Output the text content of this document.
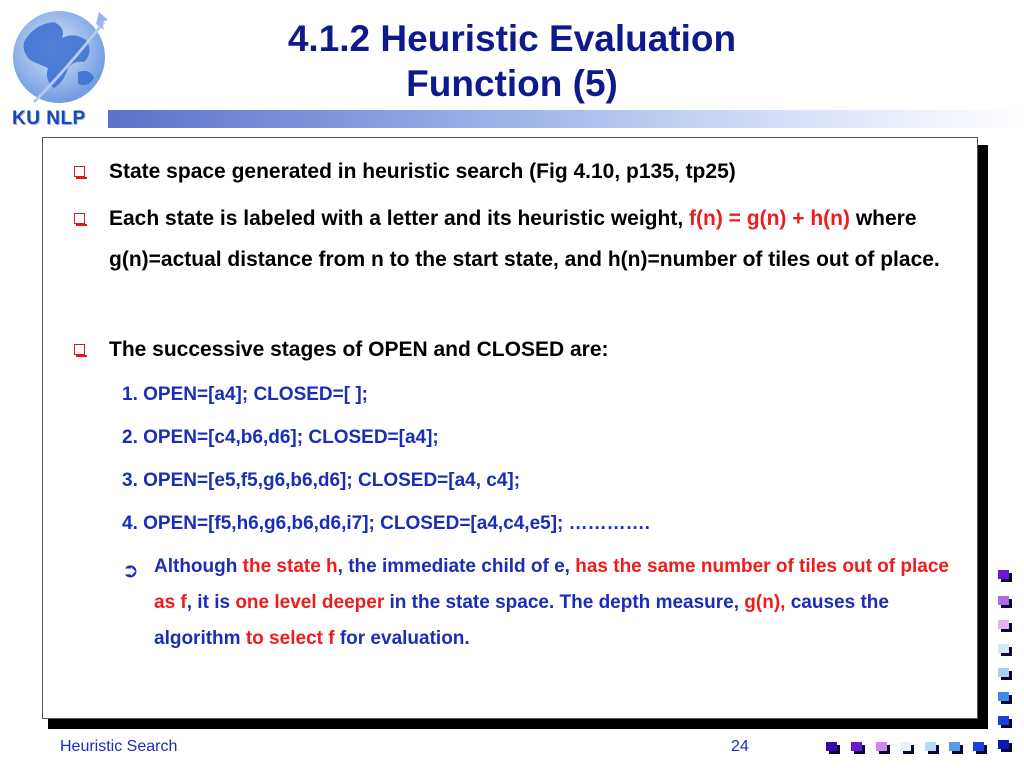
KU NLP
4.1.2 Heuristic Evaluation
Function (5)
State space generated in heuristic search (Fig 4.10, p135, tp25)
Each state is labeled with a letter and its heuristic weight, f(n) = g(n) + h(n) where g(n)=actual distance from n to the start state, and h(n)=number of tiles out of place.
The successive stages of OPEN and CLOSED are:
1. OPEN=[a4]; CLOSED=[ ];
2. OPEN=[c4,b6,d6]; CLOSED=[a4];
3. OPEN=[e5,f5,g6,b6,d6]; CLOSED=[a4, c4];
4. OPEN=[f5,h6,g6,b6,d6,i7]; CLOSED=[a4,c4,e5]; ………….
➲ Although the state h, the immediate child of e, has the same number of tiles out of place as f, it is one level deeper in the state space. The depth measure, g(n), causes the algorithm to select f for evaluation.
Heuristic Search	24
